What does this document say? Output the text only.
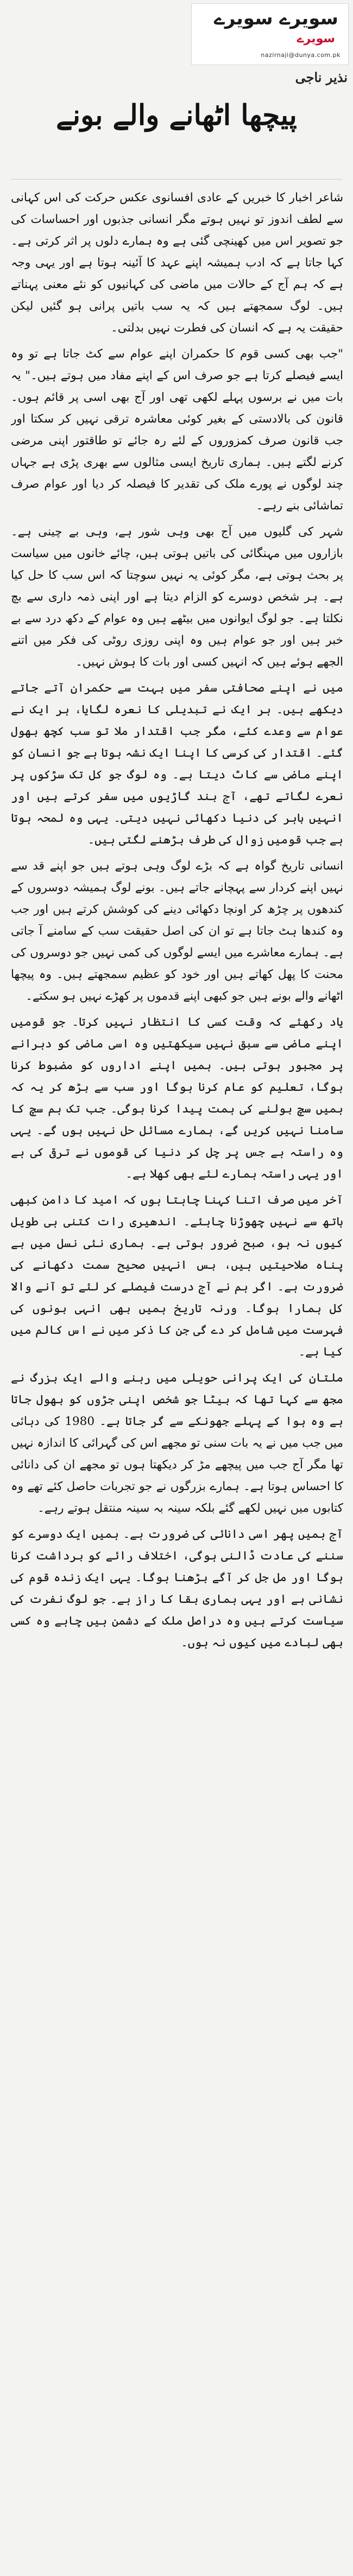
سویرے سویرے
سویرے
nazirnaji@dunya.com.pk
نذیر ناجی
پیچھا اٹھانے والے بونے

شاعر اخبار کا خبریں کے عادی افسانوی عکس حرکت کی اس کہانی سے لطف اندوز تو نہیں ہوتے مگر انسانی جذبوں اور احساسات کی جو تصویر اس میں کھینچی گئی ہے وہ ہمارے دلوں پر اثر کرتی ہے۔ کہا جاتا ہے کہ ادب ہمیشہ اپنے عہد کا آئینہ ہوتا ہے اور یہی وجہ ہے کہ ہم آج کے حالات میں ماضی کی کہانیوں کو نئے معنی پہناتے ہیں۔ لوگ سمجھتے ہیں کہ یہ سب باتیں پرانی ہو گئیں لیکن حقیقت یہ ہے کہ انسان کی فطرت نہیں بدلتی۔

"جب بھی کسی قوم کا حکمران اپنے عوام سے کٹ جاتا ہے تو وہ ایسے فیصلے کرتا ہے جو صرف اس کے اپنے مفاد میں ہوتے ہیں۔" یہ بات میں نے برسوں پہلے لکھی تھی اور آج بھی اسی پر قائم ہوں۔ قانون کی بالادستی کے بغیر کوئی معاشرہ ترقی نہیں کر سکتا اور جب قانون صرف کمزوروں کے لئے رہ جائے تو طاقتور اپنی مرضی کرنے لگتے ہیں۔ ہماری تاریخ ایسی مثالوں سے بھری پڑی ہے جہاں چند لوگوں نے پورے ملک کی تقدیر کا فیصلہ کر دیا اور عوام صرف تماشائی بنے رہے۔

شہر کی گلیوں میں آج بھی وہی شور ہے، وہی بے چینی ہے۔ بازاروں میں مہنگائی کی باتیں ہوتی ہیں، چائے خانوں میں سیاست پر بحث ہوتی ہے، مگر کوئی یہ نہیں سوچتا کہ اس سب کا حل کیا ہے۔ ہر شخص دوسرے کو الزام دیتا ہے اور اپنی ذمہ داری سے بچ نکلتا ہے۔ جو لوگ ایوانوں میں بیٹھے ہیں وہ عوام کے دکھ درد سے بے خبر ہیں اور جو عوام ہیں وہ اپنی روزی روٹی کی فکر میں اتنے الجھے ہوئے ہیں کہ انہیں کسی اور بات کا ہوش نہیں۔

میں نے اپنے صحافتی سفر میں بہت سے حکمران آتے جاتے دیکھے ہیں۔ ہر ایک نے تبدیلی کا نعرہ لگایا، ہر ایک نے عوام سے وعدے کئے، مگر جب اقتدار ملا تو سب کچھ بھول گئے۔ اقتدار کی کرسی کا اپنا ایک نشہ ہوتا ہے جو انسان کو اپنے ماضی سے کاٹ دیتا ہے۔ وہ لوگ جو کل تک سڑکوں پر نعرے لگاتے تھے، آج بند گاڑیوں میں سفر کرتے ہیں اور انہیں باہر کی دنیا دکھائی نہیں دیتی۔ یہی وہ لمحہ ہوتا ہے جب قومیں زوال کی طرف بڑھنے لگتی ہیں۔

انسانی تاریخ گواہ ہے کہ بڑے لوگ وہی ہوتے ہیں جو اپنے قد سے نہیں اپنے کردار سے پہچانے جاتے ہیں۔ بونے لوگ ہمیشہ دوسروں کے کندھوں پر چڑھ کر اونچا دکھائی دینے کی کوشش کرتے ہیں اور جب وہ کندھا ہٹ جاتا ہے تو ان کی اصل حقیقت سب کے سامنے آ جاتی ہے۔ ہمارے معاشرے میں ایسے لوگوں کی کمی نہیں جو دوسروں کی محنت کا پھل کھاتے ہیں اور خود کو عظیم سمجھتے ہیں۔ وہ پیچھا اٹھانے والے بونے ہیں جو کبھی اپنے قدموں پر کھڑے نہیں ہو سکتے۔

یاد رکھئے کہ وقت کسی کا انتظار نہیں کرتا۔ جو قومیں اپنے ماضی سے سبق نہیں سیکھتیں وہ اسی ماضی کو دہرانے پر مجبور ہوتی ہیں۔ ہمیں اپنے اداروں کو مضبوط کرنا ہوگا، تعلیم کو عام کرنا ہوگا اور سب سے بڑھ کر یہ کہ ہمیں سچ بولنے کی ہمت پیدا کرنا ہوگی۔ جب تک ہم سچ کا سامنا نہیں کریں گے، ہمارے مسائل حل نہیں ہوں گے۔ یہی وہ راستہ ہے جس پر چل کر دنیا کی قوموں نے ترقی کی ہے اور یہی راستہ ہمارے لئے بھی کھلا ہے۔

آخر میں صرف اتنا کہنا چاہتا ہوں کہ امید کا دامن کبھی ہاتھ سے نہیں چھوڑنا چاہئے۔ اندھیری رات کتنی ہی طویل کیوں نہ ہو، صبح ضرور ہوتی ہے۔ ہماری نئی نسل میں بے پناہ صلاحیتیں ہیں، بس انہیں صحیح سمت دکھانے کی ضرورت ہے۔ اگر ہم نے آج درست فیصلے کر لئے تو آنے والا کل ہمارا ہوگا۔ ورنہ تاریخ ہمیں بھی انہی بونوں کی فہرست میں شامل کر دے گی جن کا ذکر میں نے اس کالم میں کیا ہے۔

ملتان کی ایک پرانی حویلی میں رہنے والے ایک بزرگ نے مجھ سے کہا تھا کہ بیٹا جو شخص اپنی جڑوں کو بھول جاتا ہے وہ ہوا کے پہلے جھونکے سے گر جاتا ہے۔ 1980 کی دہائی میں جب میں نے یہ بات سنی تو مجھے اس کی گہرائی کا اندازہ نہیں تھا مگر آج جب میں پیچھے مڑ کر دیکھتا ہوں تو مجھے ان کی دانائی کا احساس ہوتا ہے۔ ہمارے بزرگوں نے جو تجربات حاصل کئے تھے وہ کتابوں میں نہیں لکھے گئے بلکہ سینہ بہ سینہ منتقل ہوتے رہے۔

آج ہمیں پھر اسی دانائی کی ضرورت ہے۔ ہمیں ایک دوسرے کو سننے کی عادت ڈالنی ہوگی، اختلاف رائے کو برداشت کرنا ہوگا اور مل جل کر آگے بڑھنا ہوگا۔ یہی ایک زندہ قوم کی نشانی ہے اور یہی ہماری بقا کا راز ہے۔ جو لوگ نفرت کی سیاست کرتے ہیں وہ دراصل ملک کے دشمن ہیں چاہے وہ کسی بھی لبادے میں کیوں نہ ہوں۔
